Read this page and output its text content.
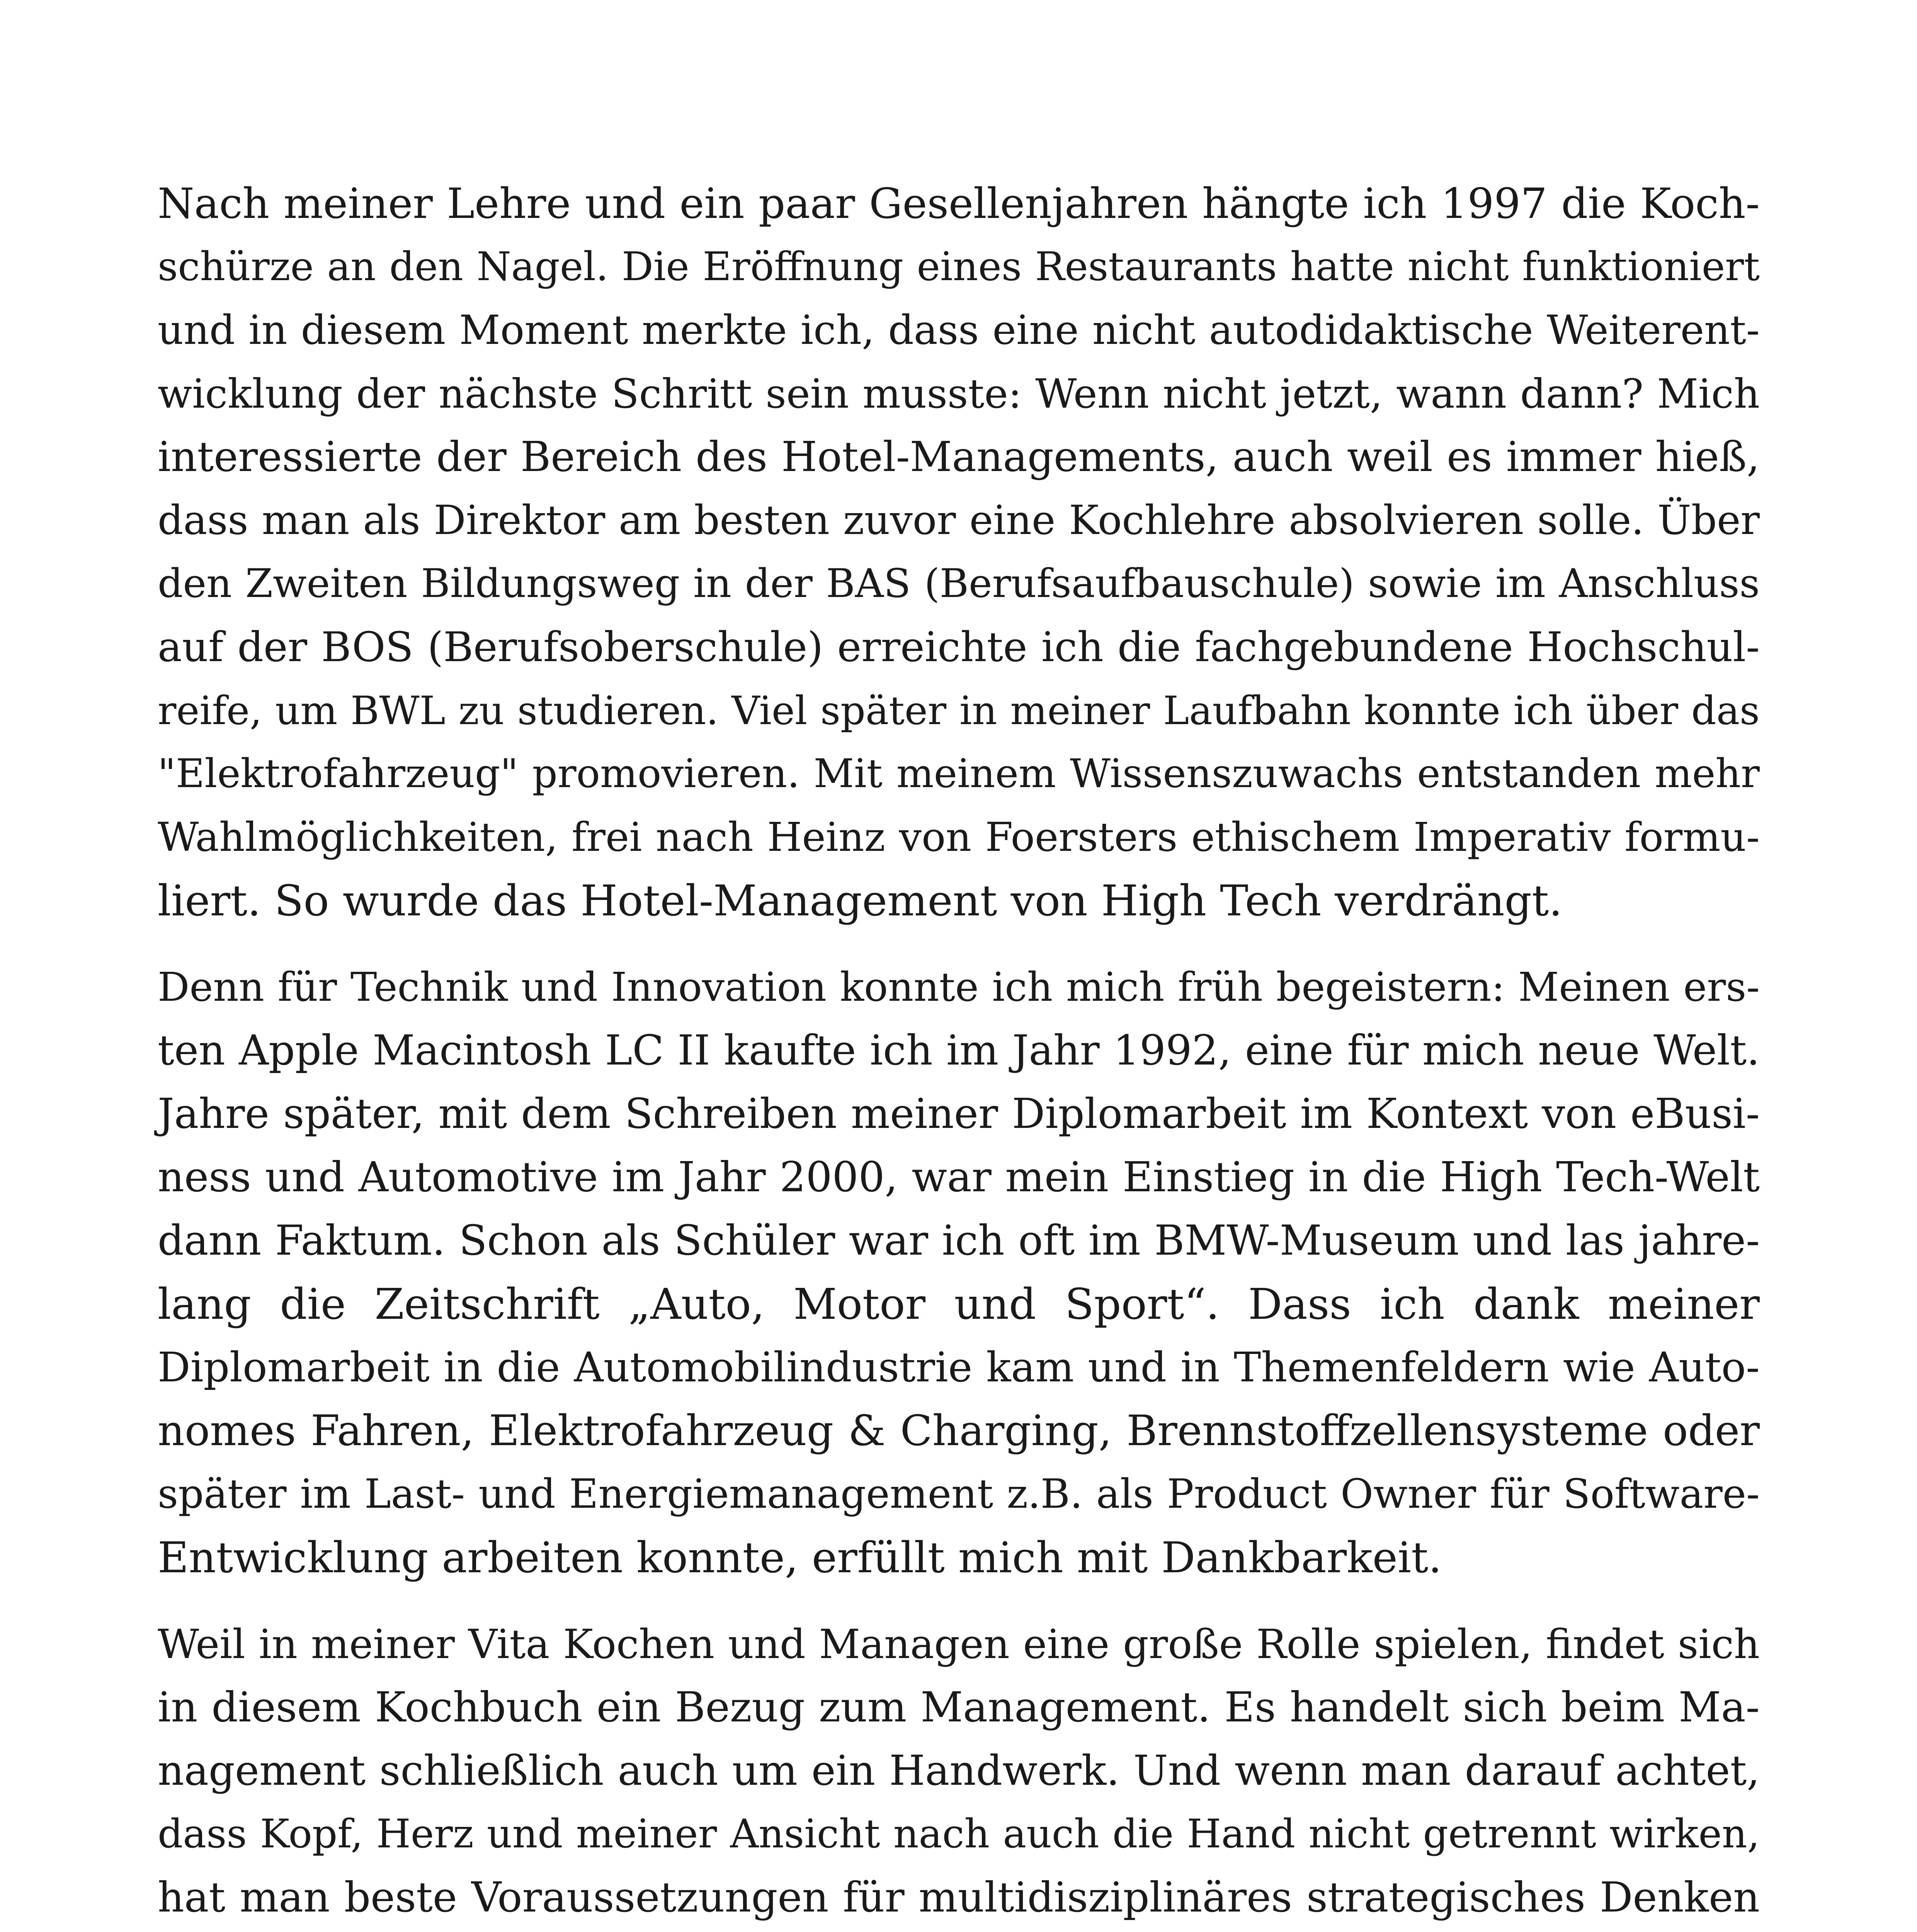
Nach meiner Lehre und ein paar Gesellenjahren hängte ich 1997 die Koch-
schürze an den Nagel. Die Eröffnung eines Restaurants hatte nicht funktioniert
und in diesem Moment merkte ich, dass eine nicht autodidaktische Weiterent-
wicklung der nächste Schritt sein musste: Wenn nicht jetzt, wann dann? Mich
interessierte der Bereich des Hotel-Managements, auch weil es immer hieß,
dass man als Direktor am besten zuvor eine Kochlehre absolvieren solle. Über
den Zweiten Bildungsweg in der BAS (Berufsaufbauschule) sowie im Anschluss
auf der BOS (Berufsoberschule) erreichte ich die fachgebundene Hochschul-
reife, um BWL zu studieren. Viel später in meiner Laufbahn konnte ich über das
"Elektrofahrzeug" promovieren. Mit meinem Wissenszuwachs entstanden mehr
Wahlmöglichkeiten, frei nach Heinz von Foersters ethischem Imperativ formu-
liert. So wurde das Hotel-Management von High Tech verdrängt.

Denn für Technik und Innovation konnte ich mich früh begeistern: Meinen ers-
ten Apple Macintosh LC II kaufte ich im Jahr 1992, eine für mich neue Welt.
Jahre später, mit dem Schreiben meiner Diplomarbeit im Kontext von eBusi-
ness und Automotive im Jahr 2000, war mein Einstieg in die High Tech-Welt
dann Faktum. Schon als Schüler war ich oft im BMW-Museum und las jahre-
lang die Zeitschrift „Auto, Motor und Sport“. Dass ich dank meiner
Diplomarbeit in die Automobilindustrie kam und in Themenfeldern wie Auto-
nomes Fahren, Elektrofahrzeug & Charging, Brennstoffzellensysteme oder
später im Last- und Energiemanagement z.B. als Product Owner für Software-
Entwicklung arbeiten konnte, erfüllt mich mit Dankbarkeit.

Weil in meiner Vita Kochen und Managen eine große Rolle spielen, findet sich
in diesem Kochbuch ein Bezug zum Management. Es handelt sich beim Ma-
nagement schließlich auch um ein Handwerk. Und wenn man darauf achtet,
dass Kopf, Herz und meiner Ansicht nach auch die Hand nicht getrennt wirken,
hat man beste Voraussetzungen für multidisziplinäres strategisches Denken
